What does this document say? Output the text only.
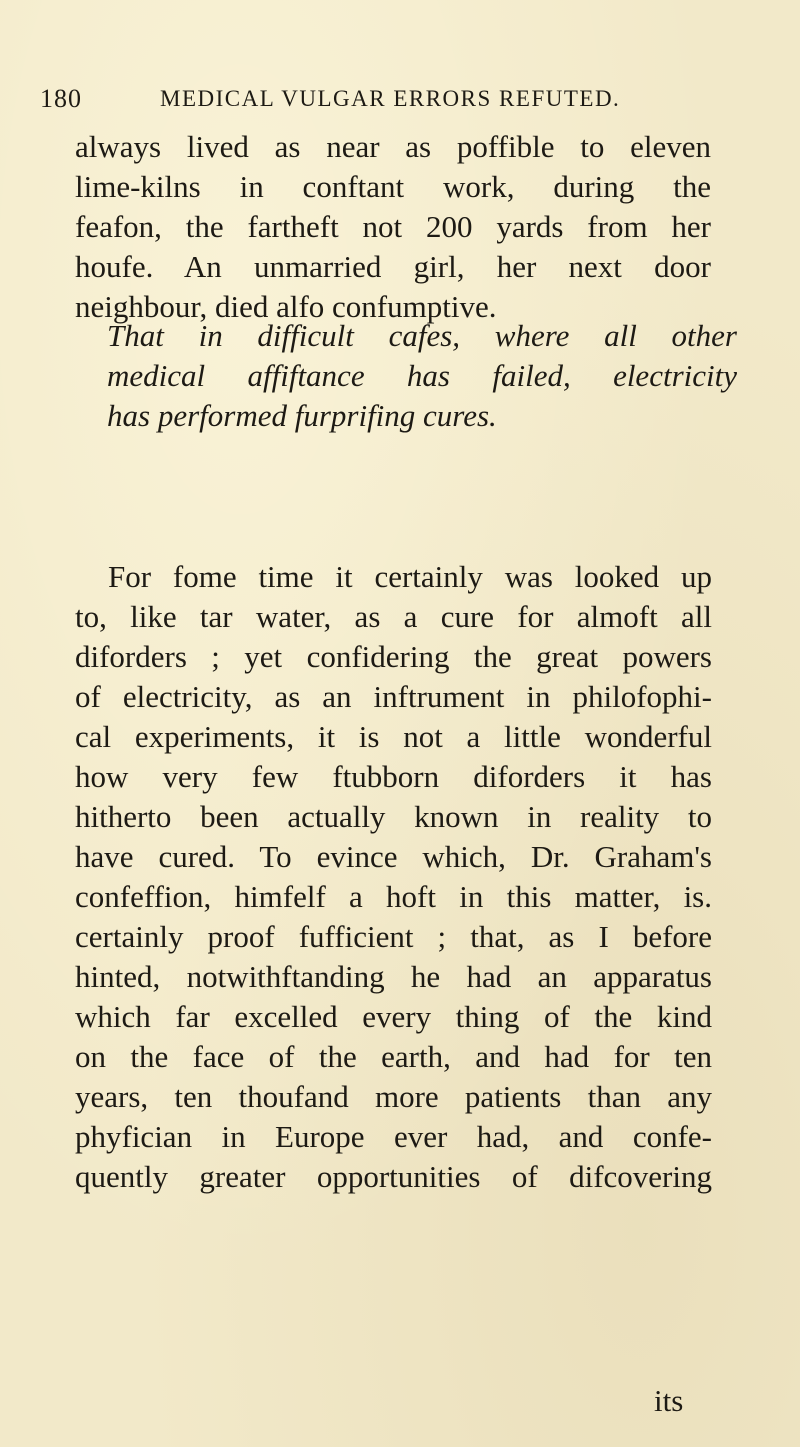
180	MEDICAL VULGAR ERRORS REFUTED.
always lived as near as poffible to eleven
lime-kilns in conftant work, during the
feafon, the fartheft not 200 yards from her
houfe. An unmarried girl, her next door
neighbour, died alfo confumptive.
That in difficult cafes, where all other
medical affiftance has failed, electricity
has performed furprifing cures.
For fome time it certainly was looked up
to, like tar water, as a cure for almoft all
diforders ; yet confidering the great powers
of electricity, as an inftrument in philofophi-
cal experiments, it is not a little wonderful
how very few ftubborn diforders it has
hitherto been actually known in reality to
have cured. To evince which, Dr. Graham's
confeffion, himfelf a hoft in this matter, is.
certainly proof fufficient ; that, as I before
hinted, notwithftanding he had an apparatus
which far excelled every thing of the kind
on the face of the earth, and had for ten
years, ten thoufand more patients than any
phyfician in Europe ever had, and confe-
quently greater opportunities of difcovering
its
